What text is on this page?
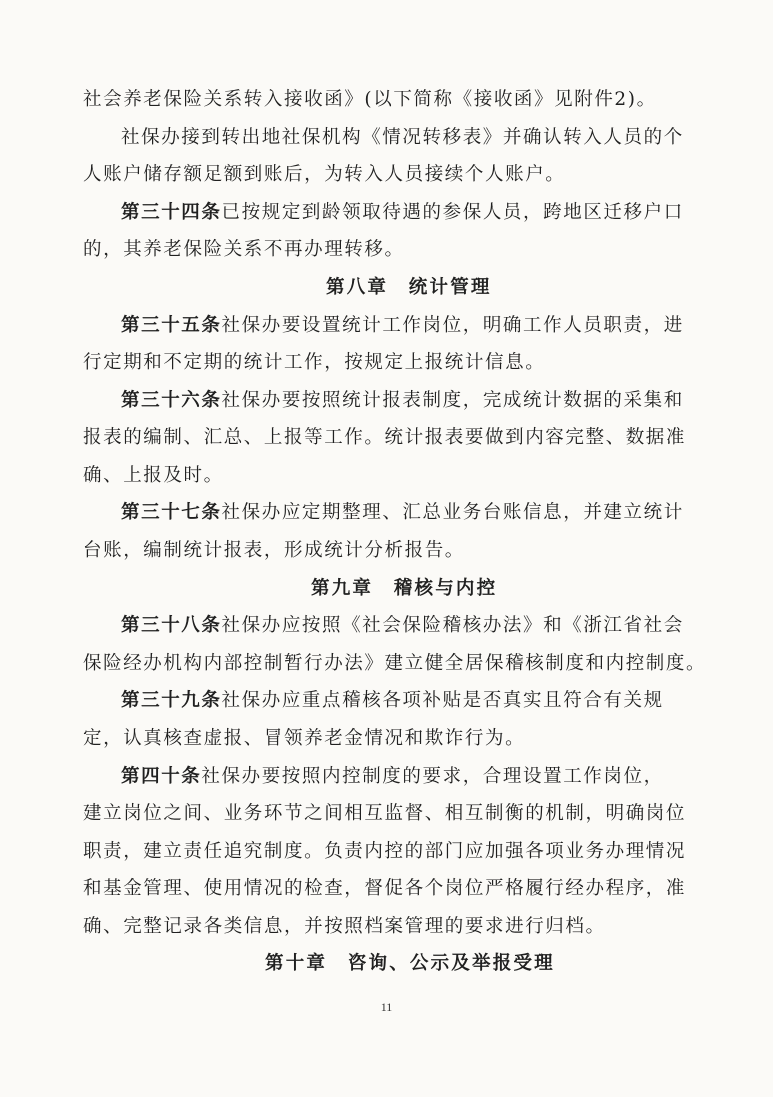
社会养老保险关系转入接收函》(以下简称《接收函》见附件2)。
社保办接到转出地社保机构《情况转移表》并确认转入人员的个
人账户储存额足额到账后，为转入人员接续个人账户。
第三十四条已按规定到龄领取待遇的参保人员，跨地区迁移户口
的，其养老保险关系不再办理转移。
第八章　统计管理
第三十五条社保办要设置统计工作岗位，明确工作人员职责，进
行定期和不定期的统计工作，按规定上报统计信息。
第三十六条社保办要按照统计报表制度，完成统计数据的采集和
报表的编制、汇总、上报等工作。统计报表要做到内容完整、数据准
确、上报及时。
第三十七条社保办应定期整理、汇总业务台账信息，并建立统计
台账，编制统计报表，形成统计分析报告。
第九章　稽核与内控
第三十八条社保办应按照《社会保险稽核办法》和《浙江省社会
保险经办机构内部控制暂行办法》建立健全居保稽核制度和内控制度。
第三十九条社保办应重点稽核各项补贴是否真实且符合有关规
定，认真核查虚报、冒领养老金情况和欺诈行为。
第四十条社保办要按照内控制度的要求，合理设置工作岗位，
建立岗位之间、业务环节之间相互监督、相互制衡的机制，明确岗位
职责，建立责任追究制度。负责内控的部门应加强各项业务办理情况
和基金管理、使用情况的检查，督促各个岗位严格履行经办程序，准
确、完整记录各类信息，并按照档案管理的要求进行归档。
第十章　咨询、公示及举报受理
11
